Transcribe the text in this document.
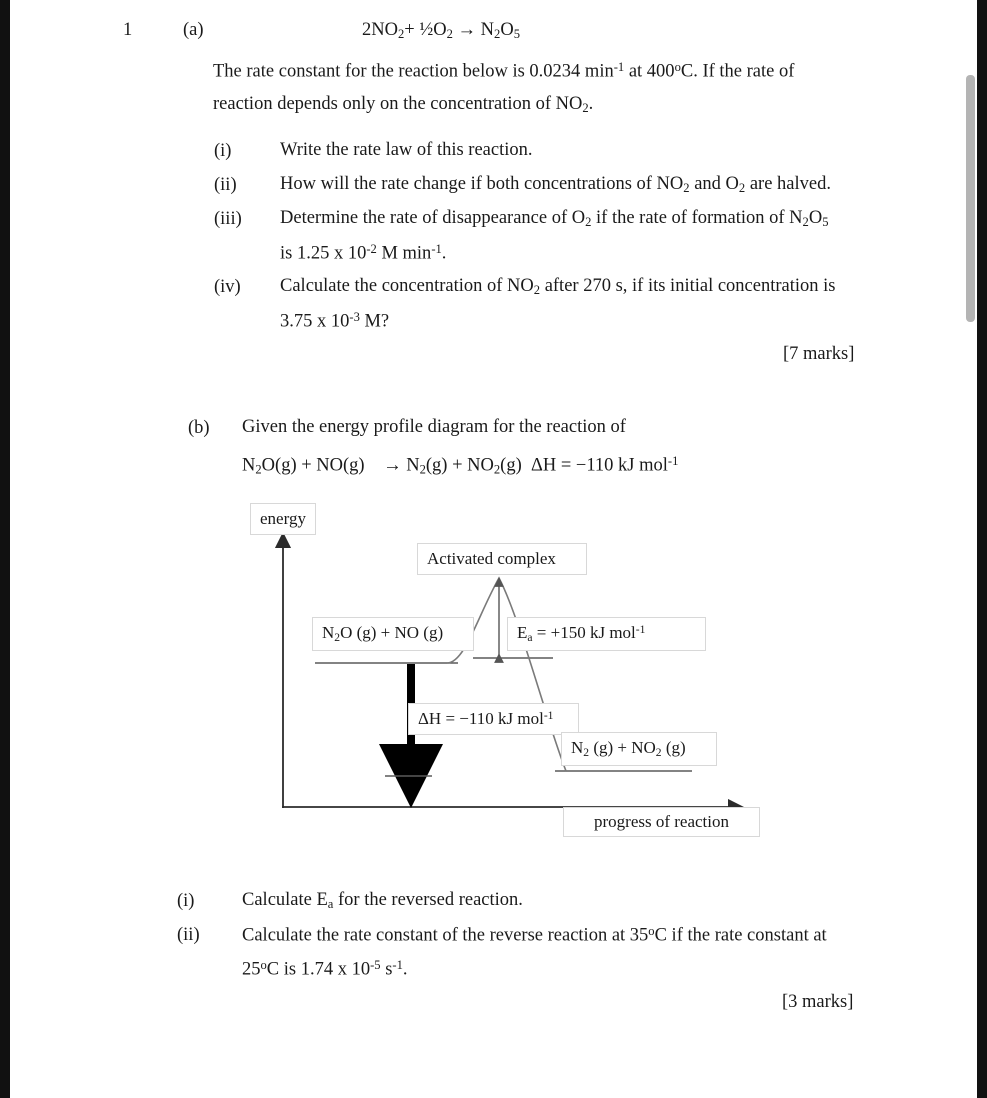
1	(a)	$2NO_2+$ $\frac{1}{2}O_2 \to N_2O_5$
The rate constant for the reaction below is 0.0234 $\min^{-1}$ at 400$^o$C. If the rate of
reaction depends only on the concentration of $NO_2$.
(i)	Write the rate law of this reaction.
(ii) How will the rate change if both concentrations of $NO_2$ and $O_2$ are halved.
(iii) Determine the rate of disappearance of $O_2$ if the rate of formation of $N_2O_5$
is 1.25 x $10^{-2}$ M $\min^{-1}$.
(iv) Calculate the concentration of $NO_2$ after 270 s, if its initial concentration is
3.75 x $10^{-3}$ M?
[7 marks]
(b) Given the energy profile diagram for the reaction of
$N_2O(g) + NO(g) \to N_2(g) + NO_2(g) \Delta H = -110$ kJ mol$^{-1}$
energy
Activated complex
$N_2O$ (g) + NO (g)	$E_a = +150$ kJ mol$^{-1}$
ΔH = −110 kJ mol$^{-1}$
$N_2$ $(g) + NO_2$ (g)
progress of reaction
(i)	Calculate $E_a$ for the reversed reaction.
(ii) Calculate the rate constant of the reverse reaction at 35$^o$C if the rate constant at
25$^o$C is 1.74 x $10^{-5}$ $s^{-1}$.
[3 marks]
